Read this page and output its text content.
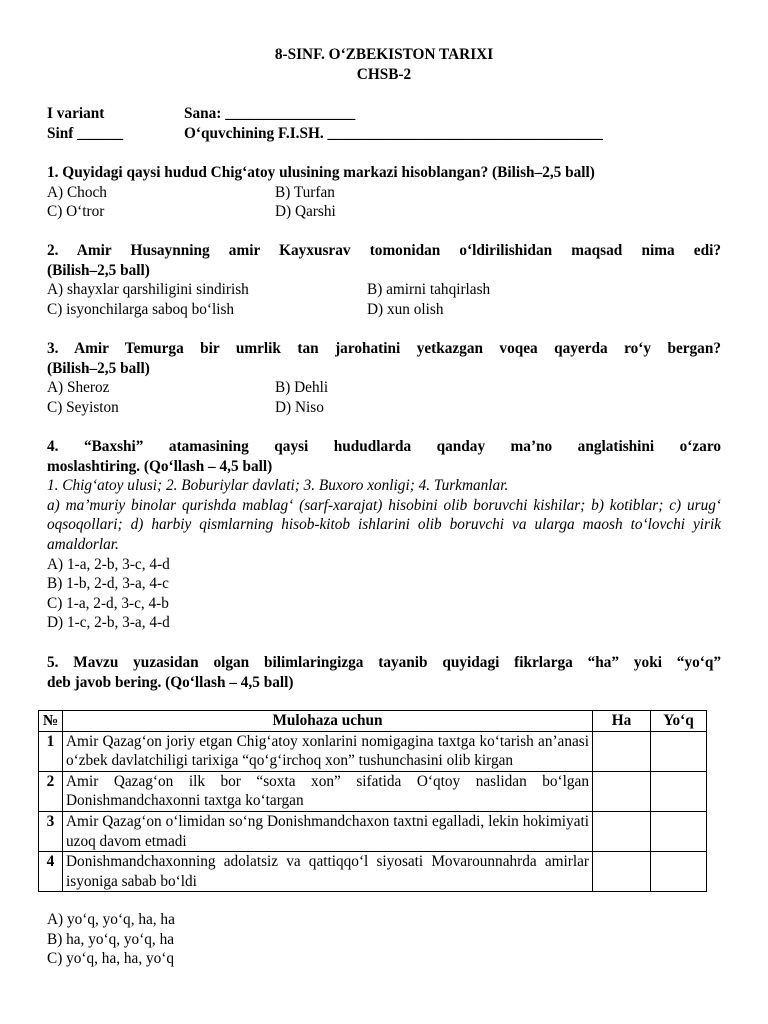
8-SINF. O‘ZBEKISTON TARIXI
CHSB-2
I variant	Sana: _________________
Sinf ______	O‘quvchining F.I.SH. ____________________________________
1. Quyidagi qaysi hudud Chig‘atoy ulusining markazi hisoblangan? (Bilish–2,5 ball)
A) Choch	B) Turfan
C) O‘tror	D) Qarshi
2. Amir Husaynning amir Kayxusrav tomonidan o‘ldirilishidan maqsad nima edi?
(Bilish–2,5 ball)
A) shayxlar qarshiligini sindirish	B) amirni tahqirlash
C) isyonchilarga saboq bo‘lish	D) xun olish
3. Amir Temurga bir umrlik tan jarohatini yetkazgan voqea qayerda ro‘y bergan?
(Bilish–2,5 ball)
A) Sheroz	B) Dehli
C) Seyiston	D) Niso
4. “Baxshi” atamasining qaysi hududlarda qanday ma’no anglatishini o‘zaro
moslashtiring. (Qo‘llash – 4,5 ball)
1. Chig‘atoy ulusi; 2. Boburiylar davlati; 3. Buxoro xonligi; 4. Turkmanlar.
a) ma’muriy binolar qurishda mablag‘ (sarf-xarajat) hisobini olib boruvchi kishilar; b) kotiblar; c) urug‘ oqsoqollari; d) harbiy qismlarning hisob-kitob ishlarini olib boruvchi va ularga maosh to‘lovchi yirik amaldorlar.
A) 1-a, 2-b, 3-c, 4-d
B) 1-b, 2-d, 3-a, 4-c
C) 1-a, 2-d, 3-c, 4-b
D) 1-c, 2-b, 3-a, 4-d
5. Mavzu yuzasidan olgan bilimlaringizga tayanib quyidagi fikrlarga “ha” yoki “yo‘q”
deb javob bering. (Qo‘llash – 4,5 ball)
№	Mulohaza uchun	Ha	Yo‘q
1	Amir Qazag‘on joriy etgan Chig‘atoy xonlarini nomigagina taxtga ko‘tarish an’anasi o‘zbek davlatchiligi tarixiga “qo‘g‘irchoq xon” tushunchasini olib kirgan		
2	Amir Qazag‘on ilk bor “soxta xon” sifatida O‘qtoy naslidan bo‘lgan Donishmandchaxonni taxtga ko‘targan		
3	Amir Qazag‘on o‘limidan so‘ng Donishmandchaxon taxtni egalladi, lekin hokimiyati uzoq davom etmadi		
4	Donishmandchaxonning adolatsiz va qattiqqo‘l siyosati Movarounnahrda amirlar isyoniga sabab bo‘ldi		
A) yo‘q, yo‘q, ha, ha
B) ha, yo‘q, yo‘q, ha
C) yo‘q, ha, ha, yo‘q
